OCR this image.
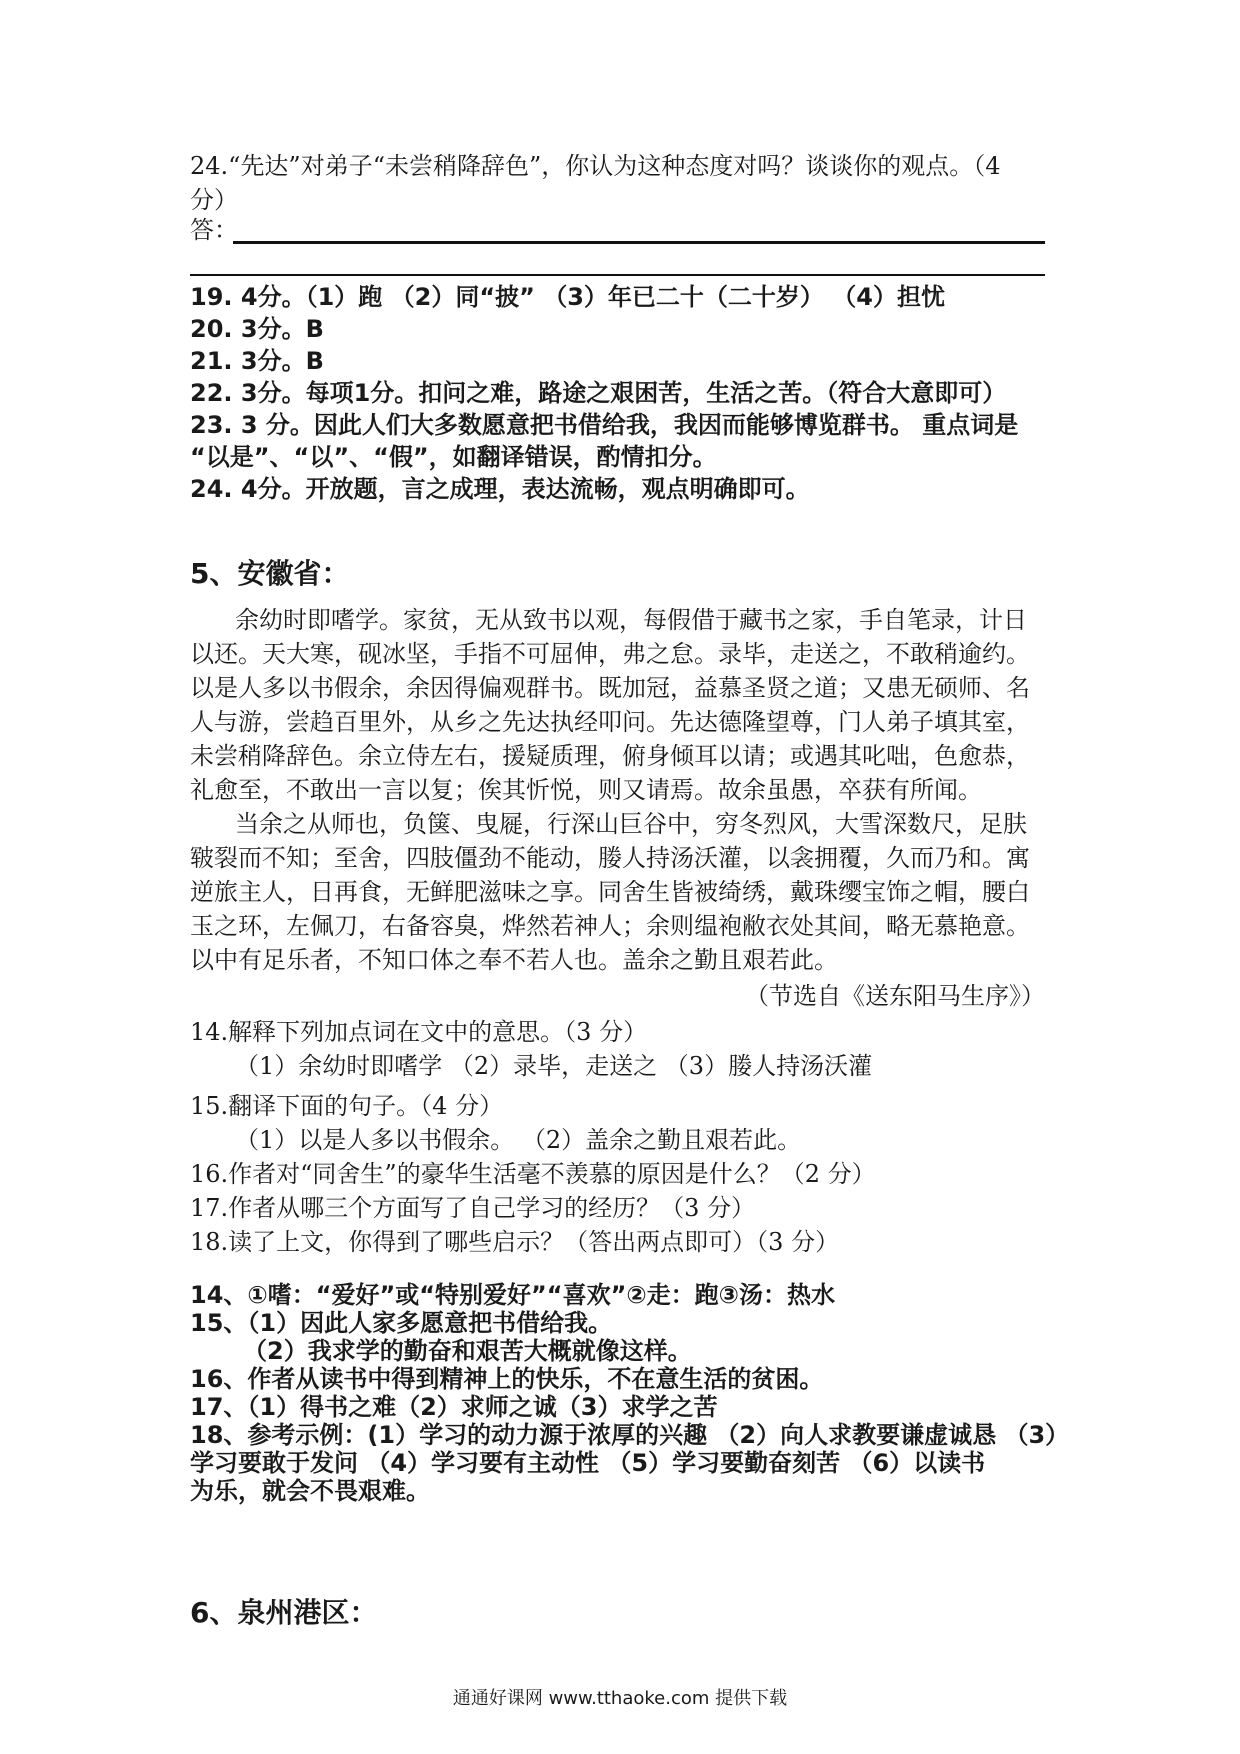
24.“先达”对弟子“未尝稍降辞色”，你认为这种态度对吗？谈谈你的观点。（4
分）
答：
19. 4分。（1）跑 （2）同“披” （3）年已二十（二十岁） （4）担忧
20. 3分。B
21. 3分。B
22. 3分。每项1分。扣问之难，路途之艰困苦，生活之苦。（符合大意即可）
23. 3 分。因此人们大多数愿意把书借给我，我因而能够博览群书。 重点词是
“以是”、“以”、“假”，如翻译错误，酌情扣分。
24. 4分。开放题，言之成理，表达流畅，观点明确即可。
5、安徽省：
余幼时即嗜学。家贫，无从致书以观，每假借于藏书之家，手自笔录，计日
以还。天大寒，砚冰坚，手指不可屈伸，弗之怠。录毕，走送之，不敢稍逾约。
以是人多以书假余，余因得偏观群书。既加冠，益慕圣贤之道；又患无硕师、名
人与游，尝趋百里外，从乡之先达执经叩问。先达德隆望尊，门人弟子填其室，
未尝稍降辞色。余立侍左右，援疑质理，俯身倾耳以请；或遇其叱咄，色愈恭，
礼愈至，不敢出一言以复；俟其忻悦，则又请焉。故余虽愚，卒获有所闻。
当余之从师也，负箧、曳屣，行深山巨谷中，穷冬烈风，大雪深数尺，足肤
皲裂而不知；至舍，四肢僵劲不能动，媵人持汤沃灌，以衾拥覆，久而乃和。寓
逆旅主人，日再食，无鲜肥滋味之享。同舍生皆被绮绣，戴珠缨宝饰之帽，腰白
玉之环，左佩刀，右备容臭，烨然若神人；余则缊袍敝衣处其间，略无慕艳意。
以中有足乐者，不知口体之奉不若人也。盖余之勤且艰若此。
（节选自《送东阳马生序》）
14.解释下列加点词在文中的意思。（3 分）
（1）余幼时即嗜学 （2）录毕，走送之 （3）媵人持汤沃灌
15.翻译下面的句子。（4 分）
（1）以是人多以书假余。 （2）盖余之勤且艰若此。
16.作者对“同舍生”的豪华生活毫不羡慕的原因是什么？（2 分）
17.作者从哪三个方面写了自己学习的经历？（3 分）
18.读了上文，你得到了哪些启示？（答出两点即可）（3 分）
14、①嗜：“爱好”或“特别爱好”“喜欢”②走：跑③汤：热水
15、（1）因此人家多愿意把书借给我。
（2）我求学的勤奋和艰苦大概就像这样。
16、作者从读书中得到精神上的快乐，不在意生活的贫困。
17、（1）得书之难（2）求师之诚（3）求学之苦
18、参考示例：(1）学习的动力源于浓厚的兴趣 （2）向人求教要谦虚诚恳 （3）
学习要敢于发问 （4）学习要有主动性 （5）学习要勤奋刻苦 （6）以读书
为乐，就会不畏艰难。
6、泉州港区：
通通好课网 www.tthaoke.com 提供下载
